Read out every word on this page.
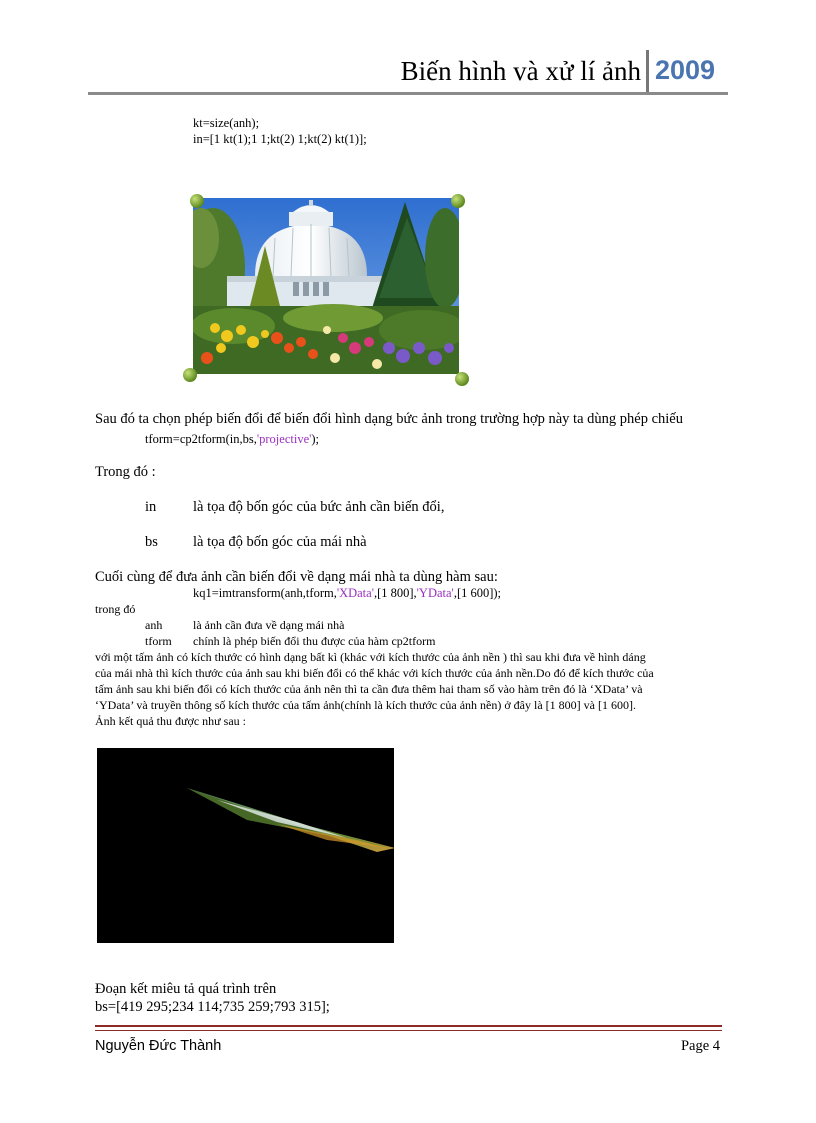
Biến hình và xử lí ảnh 2009
kt=size(anh);
in=[1 kt(1);1 1;kt(2) 1;kt(2) kt(1)];
Sau đó ta chọn phép biến đổi để biến đổi hình dạng bức ảnh trong trường hợp này ta dùng phép chiếu
tform=cp2tform(in,bs,'projective');
Trong đó :
in	là tọa độ bốn góc của bức ảnh cần biến đổi,
bs là tọa độ bốn góc của mái nhà
Cuối cùng để đưa ảnh cần biến đổi về dạng mái nhà ta dùng hàm sau:
kq1=imtransform(anh,tform,'XData',[1 800],'YData',[1 600]);
trong đó
anh	là ảnh cần đưa về dạng mái nhà
tform chính là phép biến đổi thu được của hàm cp2tform
với một tấm ảnh có kích thước có hình dạng bất kì (khác với kích thước của ảnh nền ) thì sau khi đưa về hình dáng
của mái nhà thì kích thước của ảnh sau khi biến đổi có thể khác với kích thước của ảnh nền.Do đó để kích thước của
tấm ảnh sau khi biến đổi có kích thước của ảnh nên thì ta cần đưa thêm hai tham số vào hàm trên đó là ‘XData’ và
‘YData’ và truyền thông số kích thước của tấm ảnh(chính là kích thước của ảnh nền) ở đây là [1 800] và [1 600].
Ảnh kết quả thu được như sau :
Đoạn kết miêu tả quá trình trên
bs=[419 295;234 114;735 259;793 315];
Nguyễn Đức Thành	Page 4
